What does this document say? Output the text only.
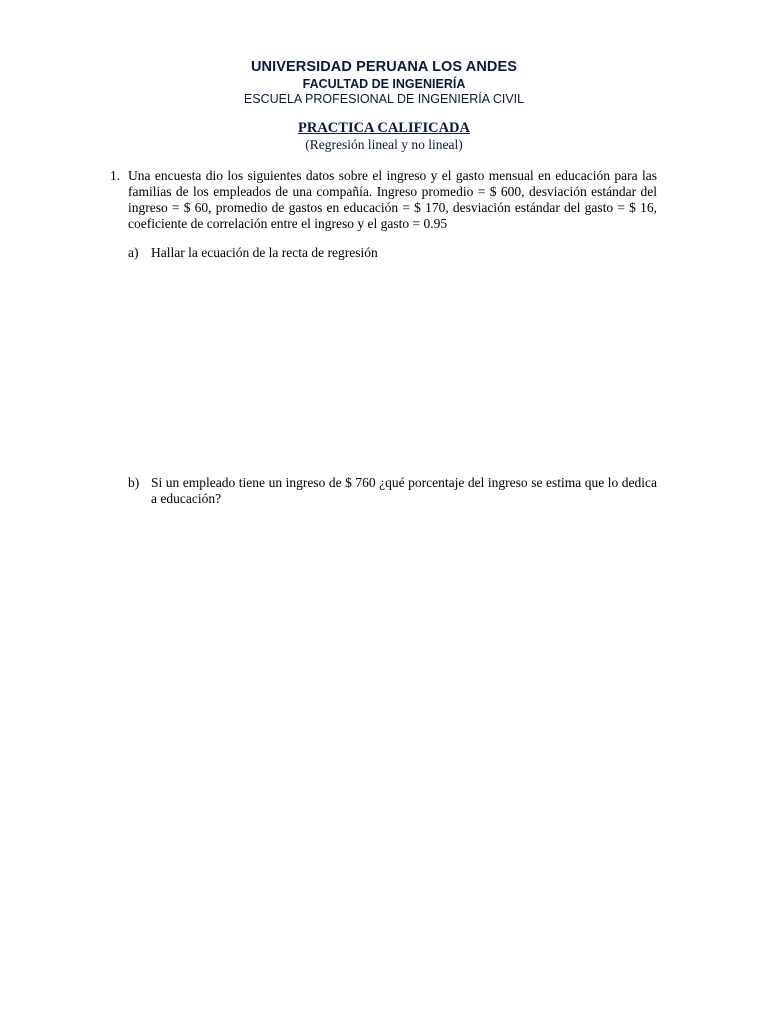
UNIVERSIDAD PERUANA LOS ANDES
FACULTAD DE INGENIERÍA
ESCUELA PROFESIONAL DE INGENIERÍA CIVIL
PRACTICA CALIFICADA
(Regresión lineal y no lineal)
1. Una encuesta dio los siguientes datos sobre el ingreso y el gasto mensual en educación para las familias de los empleados de una compañía. Ingreso promedio = $ 600, desviación estándar del ingreso = $ 60, promedio de gastos en educación = $ 170, desviación estándar del gasto = $ 16, coeficiente de correlación entre el ingreso y el gasto = 0.95
a) Hallar la ecuación de la recta de regresión
b) Si un empleado tiene un ingreso de $ 760 ¿qué porcentaje del ingreso se estima que lo dedica a educación?
